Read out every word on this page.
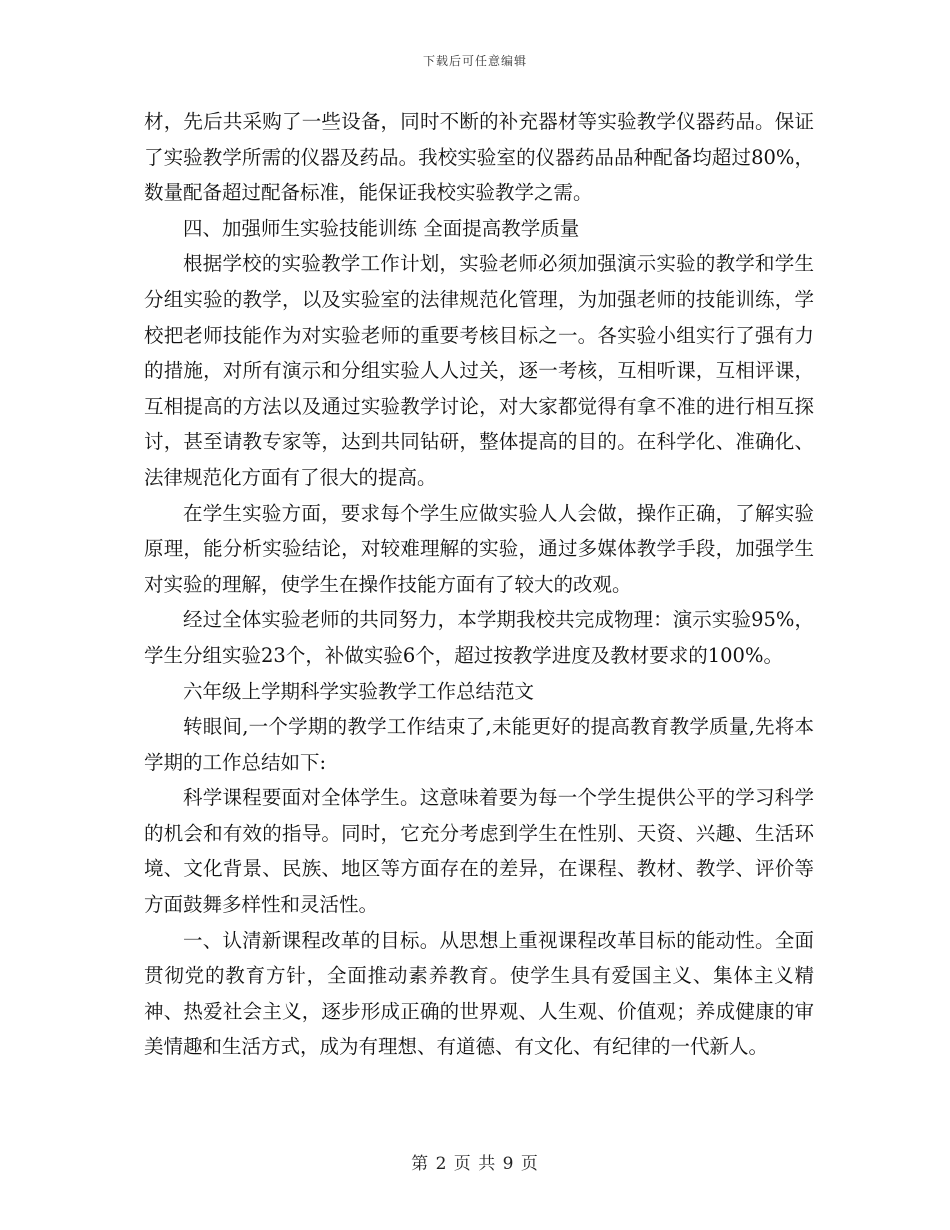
下载后可任意编辑

材，先后共采购了一些设备，同时不断的补充器材等实验教学仪器药品。保证了实验教学所需的仪器及药品。我校实验室的仪器药品品种配备均超过80%，数量配备超过配备标准，能保证我校实验教学之需。

四、加强师生实验技能训练 全面提高教学质量

根据学校的实验教学工作计划，实验老师必须加强演示实验的教学和学生分组实验的教学，以及实验室的法律规范化管理，为加强老师的技能训练，学校把老师技能作为对实验老师的重要考核目标之一。各实验小组实行了强有力的措施，对所有演示和分组实验人人过关，逐一考核，互相听课，互相评课，互相提高的方法以及通过实验教学讨论，对大家都觉得有拿不准的进行相互探讨，甚至请教专家等，达到共同钻研，整体提高的目的。在科学化、准确化、法律规范化方面有了很大的提高。

在学生实验方面，要求每个学生应做实验人人会做，操作正确，了解实验原理，能分析实验结论，对较难理解的实验，通过多媒体教学手段，加强学生对实验的理解，使学生在操作技能方面有了较大的改观。

经过全体实验老师的共同努力，本学期我校共完成物理：演示实验95%，学生分组实验23个，补做实验6个，超过按教学进度及教材要求的100%。

六年级上学期科学实验教学工作总结范文

转眼间,一个学期的教学工作结束了,未能更好的提高教育教学质量,先将本学期的工作总结如下:

科学课程要面对全体学生。这意味着要为每一个学生提供公平的学习科学的机会和有效的指导。同时，它充分考虑到学生在性别、天资、兴趣、生活环境、文化背景、民族、地区等方面存在的差异，在课程、教材、教学、评价等方面鼓舞多样性和灵活性。

一、认清新课程改革的目标。从思想上重视课程改革目标的能动性。全面贯彻党的教育方针，全面推动素养教育。使学生具有爱国主义、集体主义精神、热爱社会主义，逐步形成正确的世界观、人生观、价值观；养成健康的审美情趣和生活方式，成为有理想、有道德、有文化、有纪律的一代新人。

第 2 页 共 9 页
